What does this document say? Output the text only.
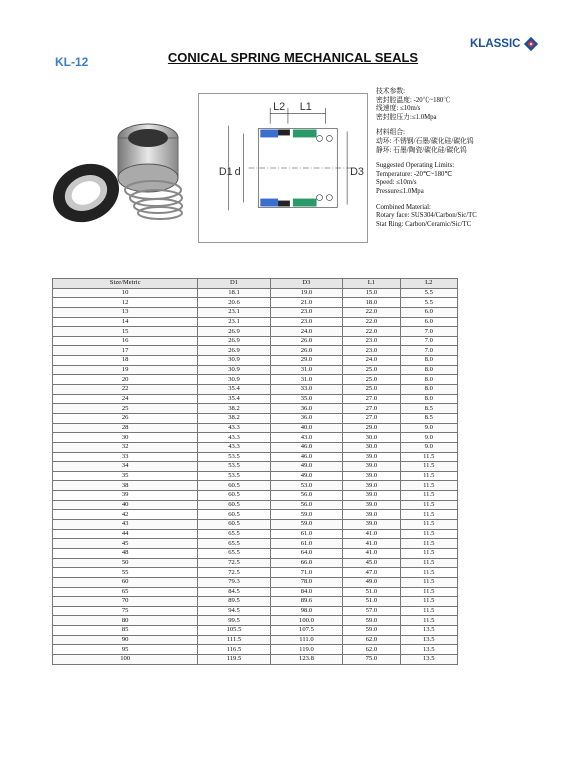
KL-12	CONICAL SPRING MECHANICAL SEALS
KLASSIC
L2 L1
D1 d	D3

技术参数:

密封腔温度: -20℃~180℃

线速度: ≤10m/s

密封腔压力:≤1.0Mpa

材料组合:

动环: 不锈钢/石墨/碳化硅/碳化钨

静环: 石墨/陶瓷/碳化硅/碳化钨

Suggested Operating Limits:

Temperature: -20℃~180℃

Speed: ≤10m/s

Pressure≤1.0Mpa

Combined Material:

Rotary face: SUS304/Carbon/Sic/TC

Stat Ring: Carbon/Ceramic/Sic/TC

Size/Metric	D1	D3	L1	L2
10	18.1	19.0	15.0	5.5
12	20.6	21.0	18.0	5.5
13	23.1	23.0	22.0	6.0
14	23.1	23.0	22.0	6.0
15	26.9	24.0	22.0	7.0
16	26.9	26.0	23.0	7.0
17	26.9	26.0	23.0	7.0
18	30.9	29.0	24.0	8.0
19	30.9	31.0	25.0	8.0
20	30.9	31.0	25.0	8.0
22	35.4	33.0	25.0	8.0
24	35.4	35.0	27.0	8.0
25	38.2	36.0	27.0	8.5
26	38.2	36.0	27.0	8.5
28	43.3	40.0	29.0	9.0
30	43.3	43.0	30.0	9.0
32	43.3	46.0	30.0	9.0
33	53.5	46.0	39.0	11.5
34	53.5	49.0	39.0	11.5
35	53.5	49.0	39.0	11.5
38	60.5	53.0	39.0	11.5
39	60.5	56.0	39.0	11.5
40	60.5	56.0	39.0	11.5
42	60.5	59.0	39.0	11.5
43	60.5	59.0	39.0	11.5
44	65.5	61.0	41.0	11.5
45	65.5	61.0	41.0	11.5
48	65.5	64.0	41.0	11.5
50	72.5	66.0	45.0	11.5
55	72.5	71.0	47.0	11.5
60	79.3	78.0	49.0	11.5
65	84.5	84.0	51.0	11.5
70	89.5	89.6	51.0	11.5
75	94.5	98.0	57.0	11.5
80	99.5	100.0	59.0	11.5
85	105.5	107.5	59.0	13.5
90	111.5	111.0	62.0	13.5
95	116.5	119.0	62.0	13.5
100	119.5	123.8	75.0	13.5
